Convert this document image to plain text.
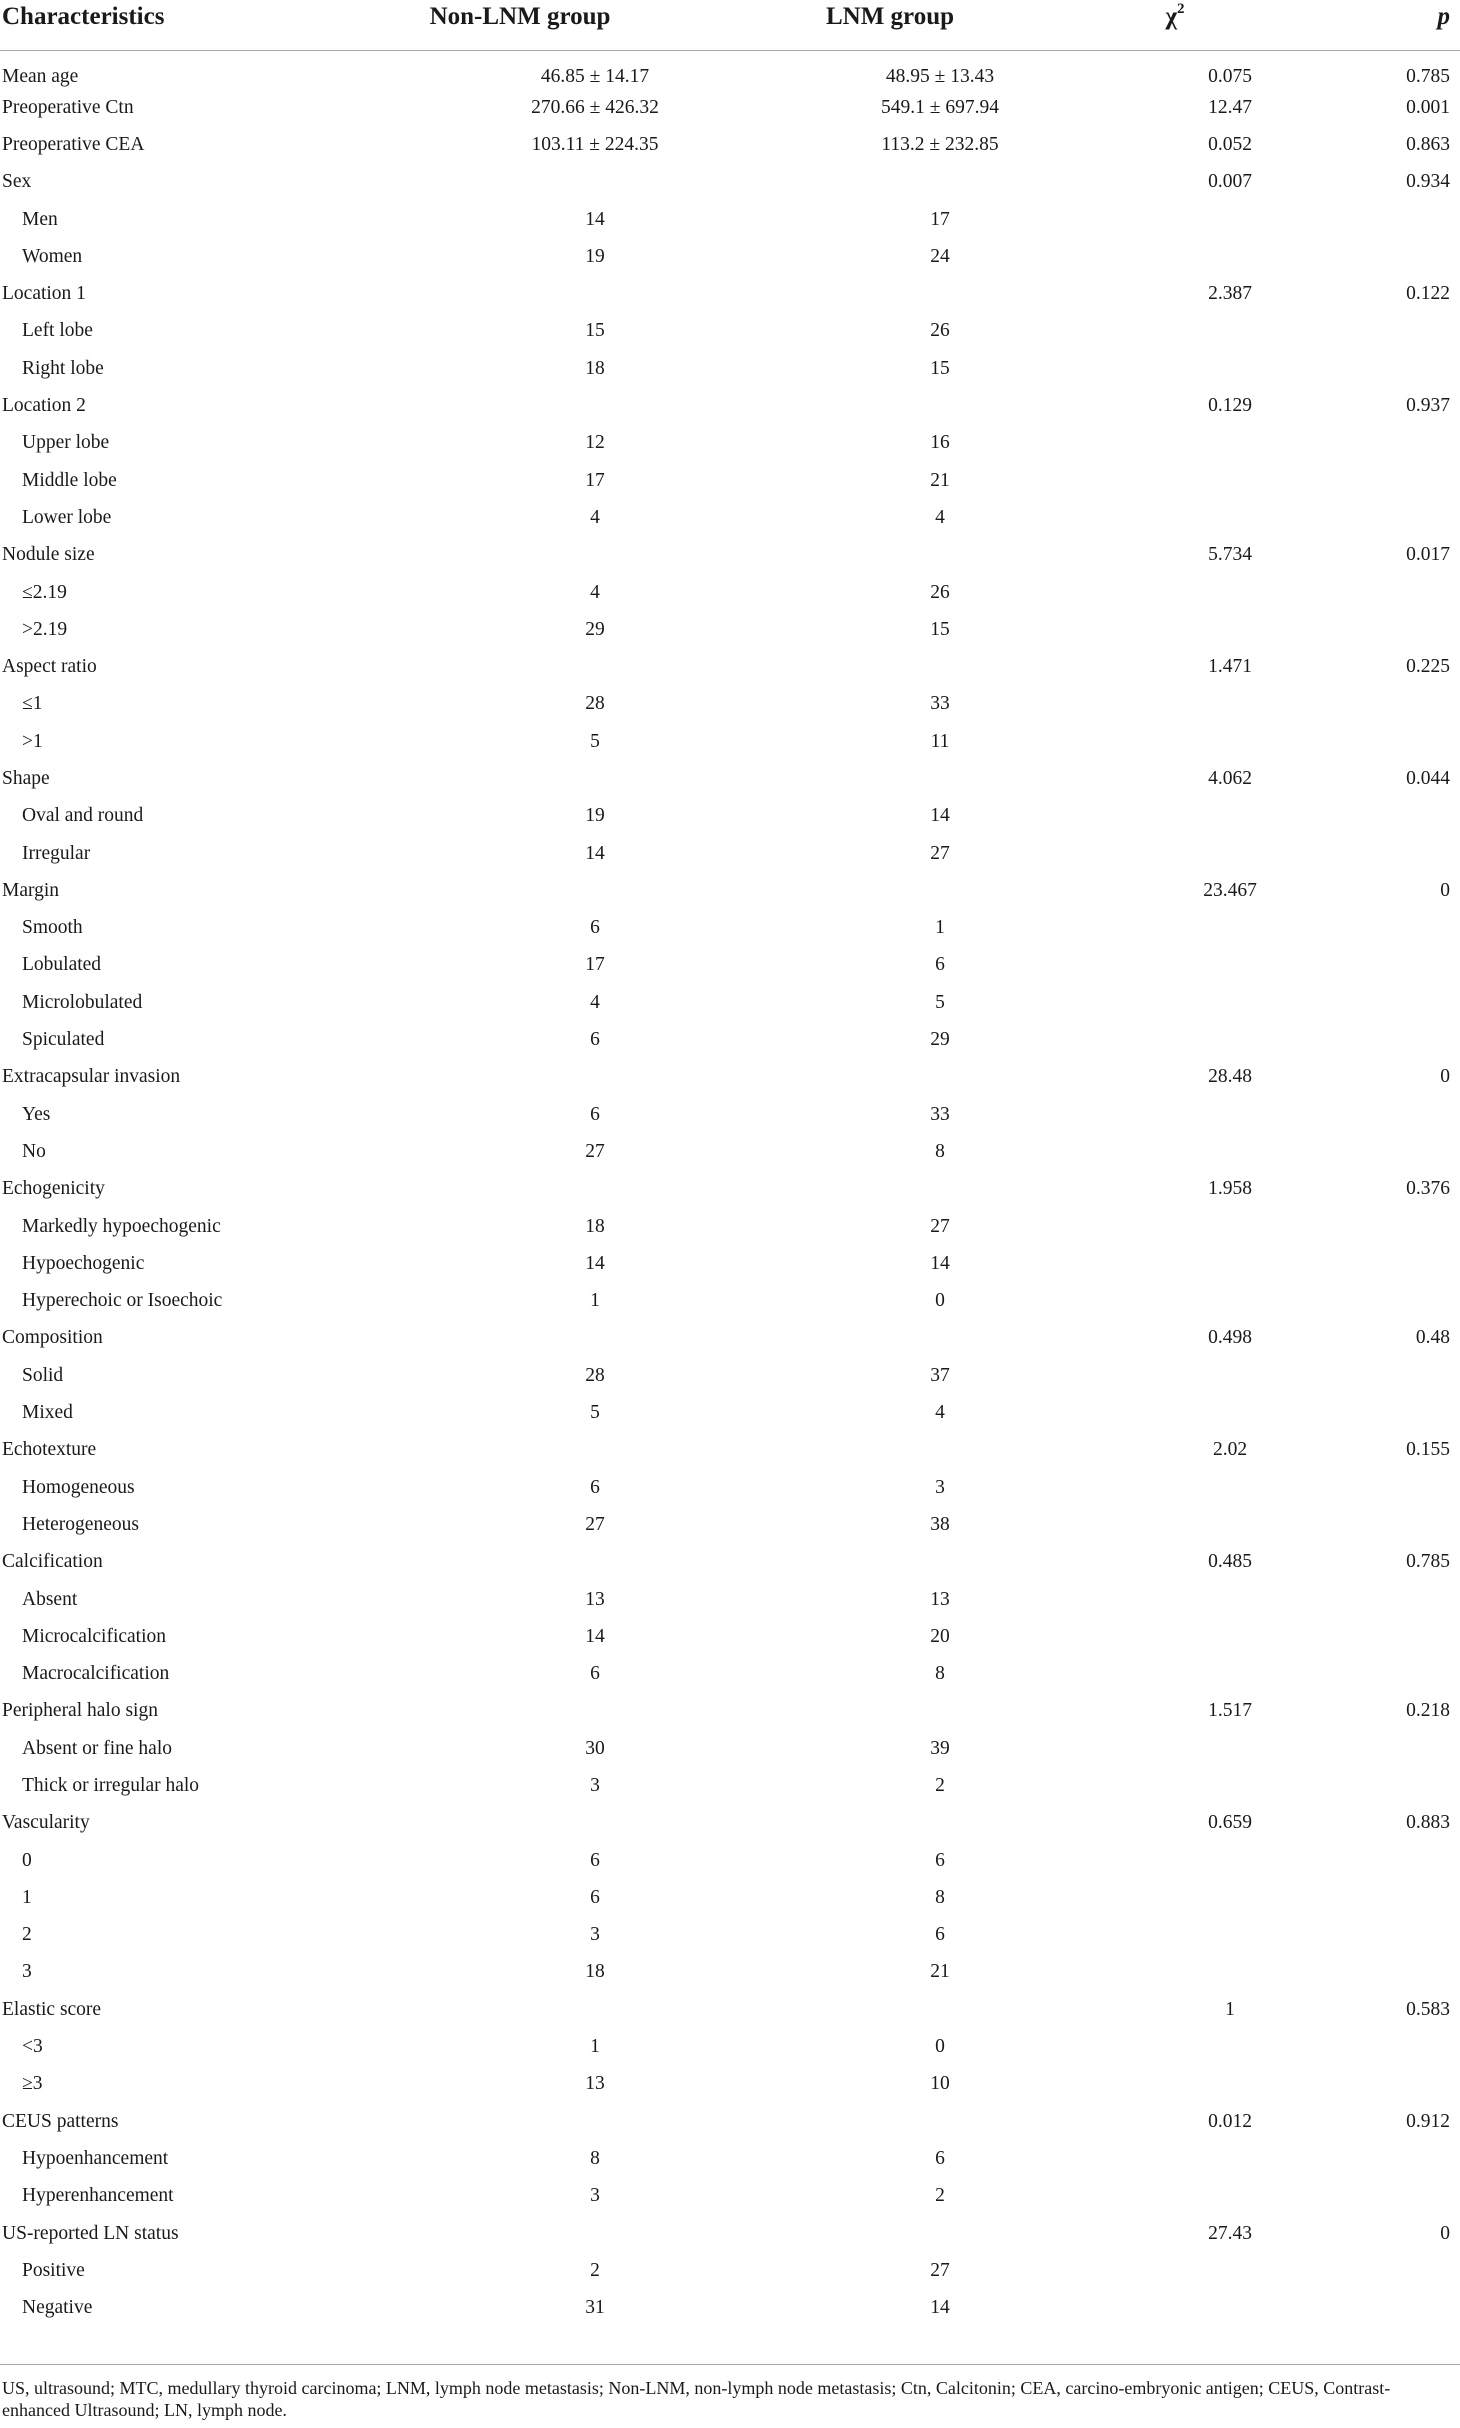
Characteristics	Non-LNM group	LNM group	$\chi^2$	p
Mean age	46.85 ± 14.17	48.95 ± 13.43	0.075	0.785
Preoperative Ctn	270.66 ± 426.32	549.1 ± 697.94	12.47	0.001
Preoperative CEA	103.11 ± 224.35	113.2 ± 232.85	0.052	0.863
Sex			0.007	0.934
Men	14	17		
Women	19	24		
Location 1			2.387	0.122
Left lobe	15	26		
Right lobe	18	15		
Location 2			0.129	0.937
Upper lobe	12	16		
Middle lobe	17	21		
Lower lobe	4	4		
Nodule size			5.734	0.017
≤2.19	4	26		
>2.19	29	15		
Aspect ratio			1.471	0.225
≤1	28	33		
>1	5	11		
Shape			4.062	0.044
Oval and round	19	14		
Irregular	14	27		
Margin			23.467	0
Smooth	6	1		
Lobulated	17	6		
Microlobulated	4	5		
Spiculated	6	29		
Extracapsular invasion			28.48	0
Yes	6	33		
No	27	8		
Echogenicity			1.958	0.376
Markedly hypoechogenic	18	27		
Hypoechogenic	14	14		
Hyperechoic or Isoechoic	1	0		
Composition			0.498	0.48
Solid	28	37		
Mixed	5	4		
Echotexture			2.02	0.155
Homogeneous	6	3		
Heterogeneous	27	38		
Calcification			0.485	0.785
Absent	13	13		
Microcalcification	14	20		
Macrocalcification	6	8		
Peripheral halo sign			1.517	0.218
Absent or fine halo	30	39		
Thick or irregular halo	3	2		
Vascularity			0.659	0.883
0	6	6		
1	6	8		
2	3	6		
3	18	21		
Elastic score			1	0.583
<3	1	0		
≥3	13	10		
CEUS patterns			0.012	0.912
Hypoenhancement	8	6		
Hyperenhancement	3	2		
US-reported LN status			27.43	0
Positive	2	27		
Negative	31	14		

US, ultrasound; MTC, medullary thyroid carcinoma; LNM, lymph node metastasis; Non-LNM, non-lymph node metastasis; Ctn, Calcitonin; CEA, carcino-embryonic antigen; CEUS, Contrast-enhanced Ultrasound; LN, lymph node.
